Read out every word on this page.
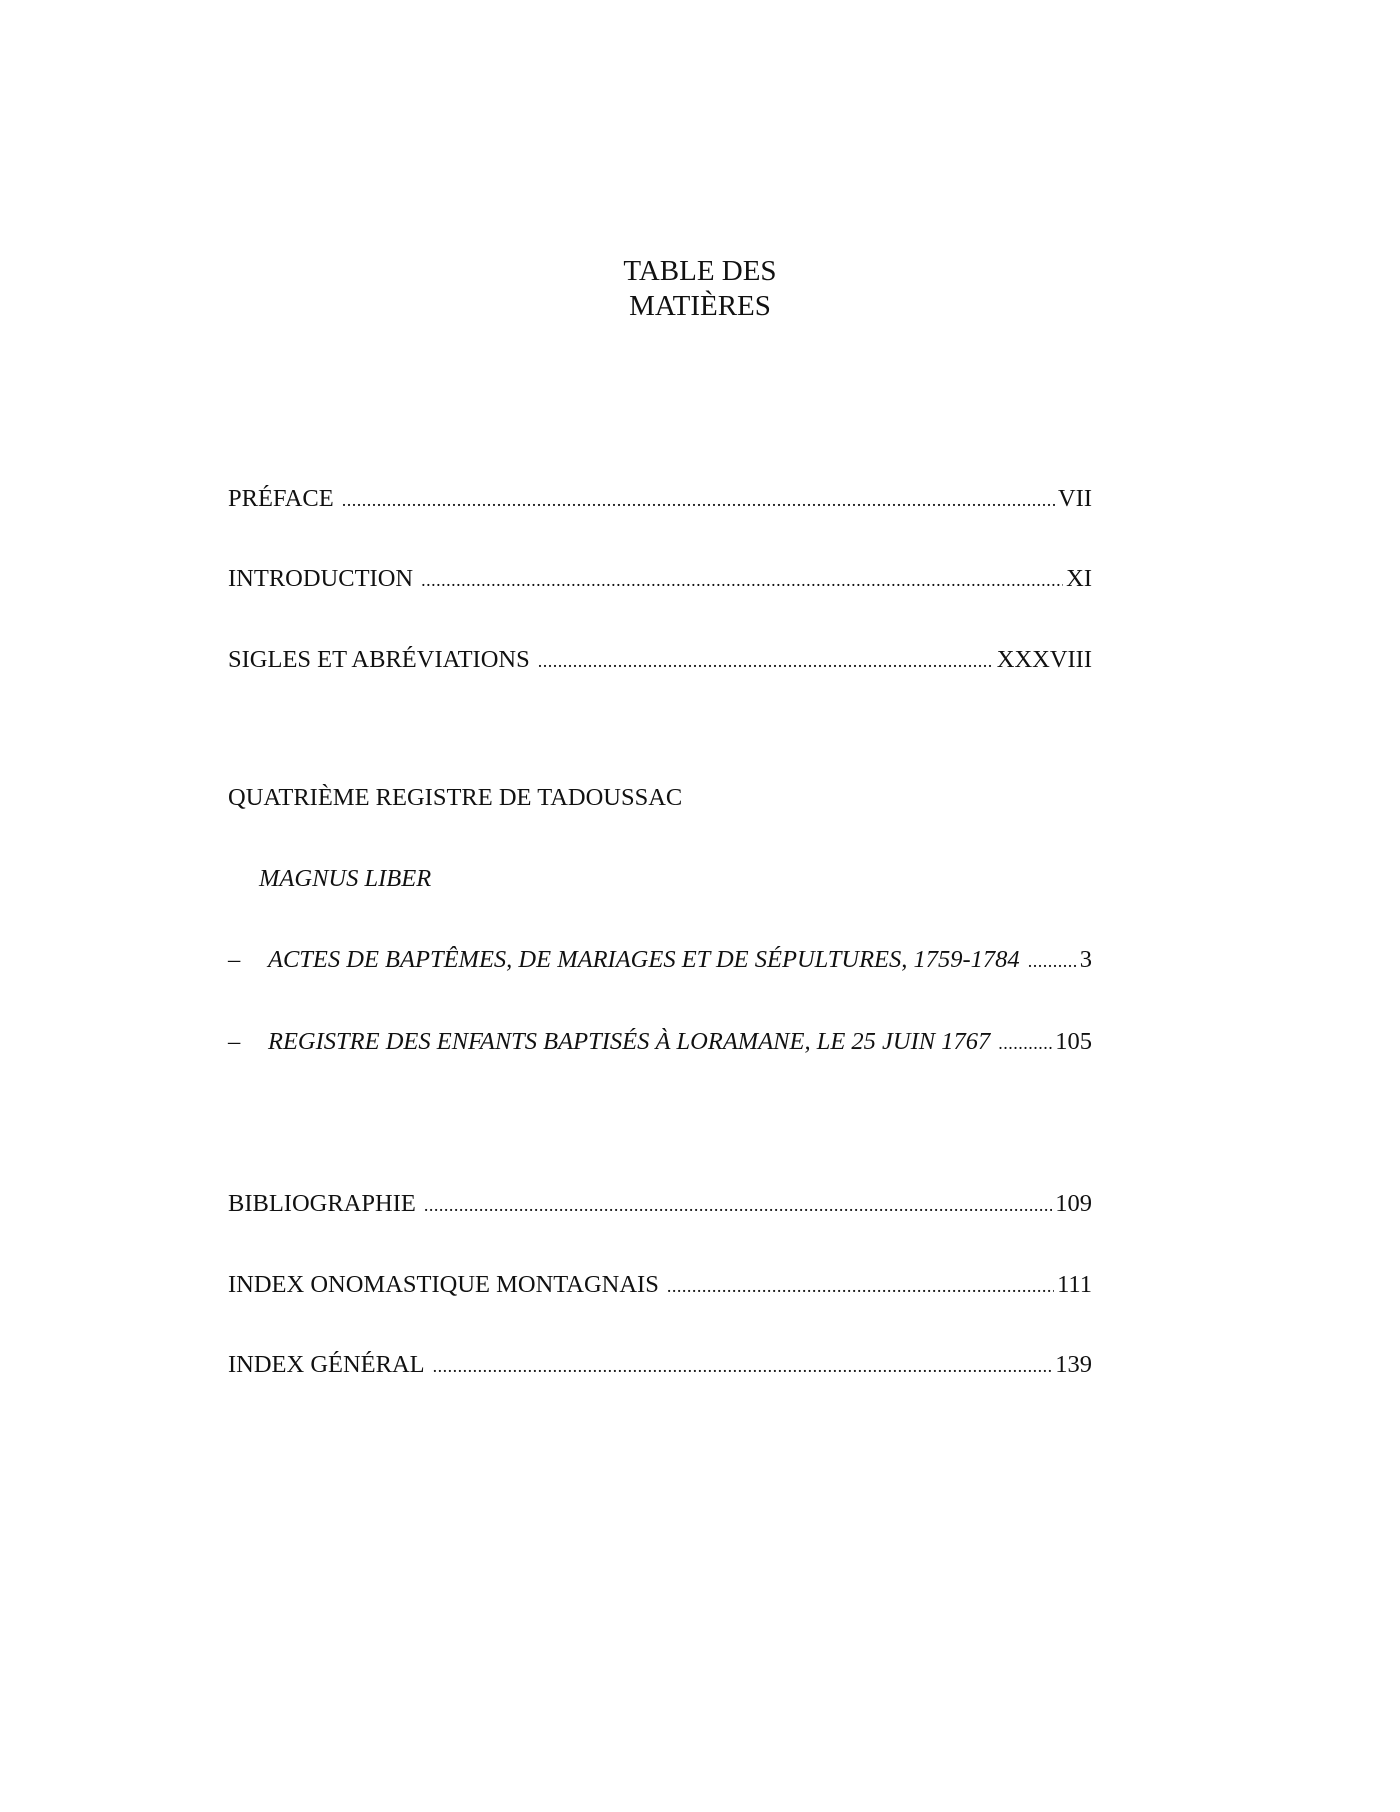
TABLE DES
MATIÈRES
PRÉFACE .....	VII
INTRODUCTION .....	XI
SIGLES ET ABRÉVIATIONS .....	XXXVIII
QUATRIÈME REGISTRE DE TADOUSSAC
MAGNUS LIBER
–	ACTES DE BAPTÊMES, DE MARIAGES ET DE SÉPULTURES, 1759-1784 ..... 3
–	REGISTRE DES ENFANTS BAPTISÉS À LORAMANE, LE 25 JUIN 1767 .....	105
BIBLIOGRAPHIE .....	109
INDEX ONOMASTIQUE MONTAGNAIS .....	111
INDEX GÉNÉRAL .....	139
